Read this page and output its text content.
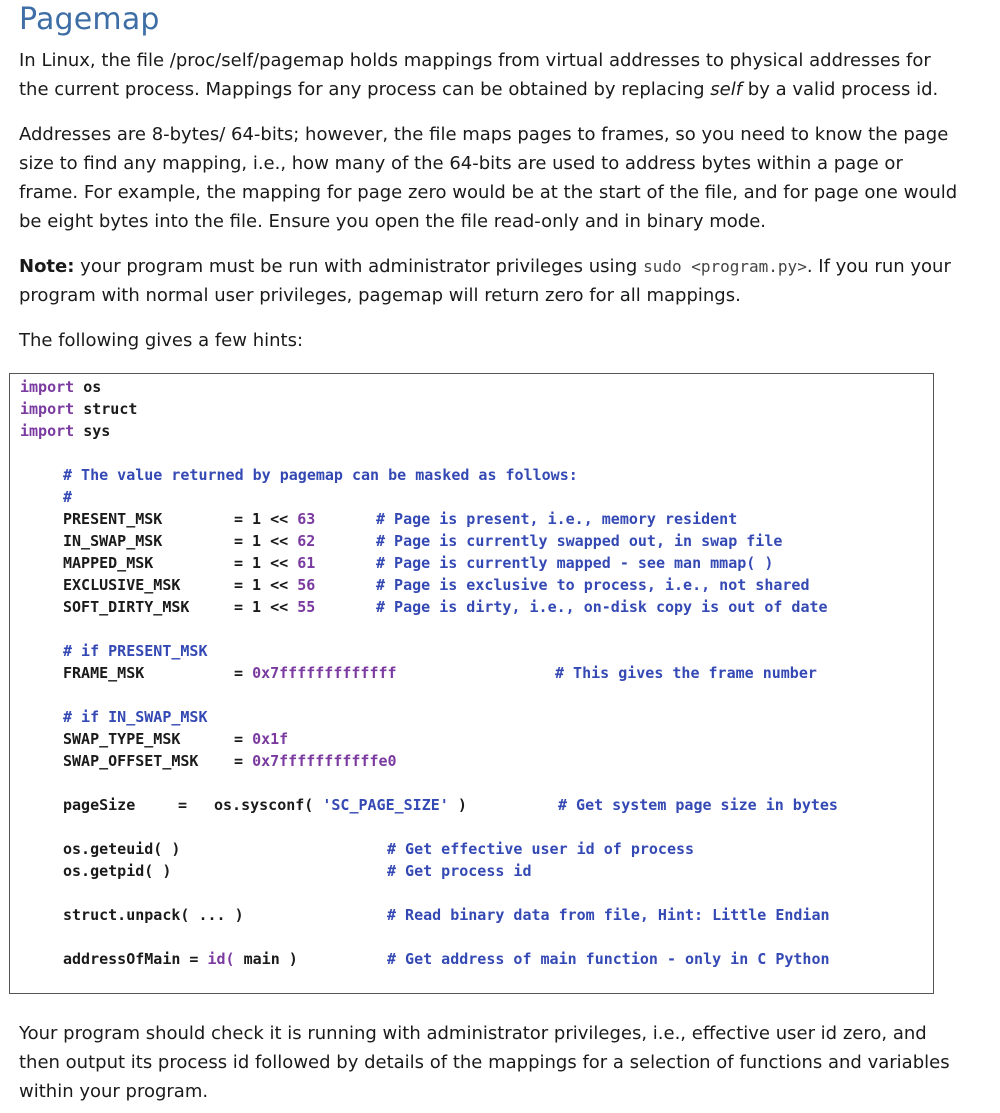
Pagemap

In Linux, the file /proc/self/pagemap holds mappings from virtual addresses to physical addresses for the current process. Mappings for any process can be obtained by replacing self by a valid process id.

Addresses are 8-bytes/ 64-bits; however, the file maps pages to frames, so you need to know the page size to find any mapping, i.e., how many of the 64-bits are used to address bytes within a page or frame. For example, the mapping for page zero would be at the start of the file, and for page one would be eight bytes into the file. Ensure you open the file read-only and in binary mode.

Note: your program must be run with administrator privileges using sudo <program.py>. If you run your program with normal user privileges, pagemap will return zero for all mappings.

The following gives a few hints:

import os
import struct
import sys
# The value returned by pagemap can be masked as follows:
#
PRESENT_MSK	= 1 << 63	# Page is present, i.e., memory resident
IN_SWAP_MSK	= 1 << 62	# Page is currently swapped out, in swap file
MAPPED_MSK	= 1 << 61	# Page is currently mapped - see man mmap( )
EXCLUSIVE_MSK	= 1 << 56	# Page is exclusive to process, i.e., not shared
SOFT_DIRTY_MSK	= 1 << 55	# Page is dirty, i.e., on-disk copy is out of date
# if PRESENT_MSK
FRAME_MSK	= 0x7fffffffffffff	# This gives the frame number
# if IN_SWAP_MSK
SWAP_TYPE_MSK	= 0x1f
SWAP_OFFSET_MSK = 0x7fffffffffffe0
pageSize	= os.sysconf( 'SC_PAGE_SIZE' )	# Get system page size in bytes
os.geteuid( )	# Get effective user id of process
os.getpid( )	# Get process id
struct.unpack( ... )	# Read binary data from file, Hint: Little Endian
addressOfMain = id( main )	# Get address of main function - only in C Python

Your program should check it is running with administrator privileges, i.e., effective user id zero, and then output its process id followed by details of the mappings for a selection of functions and variables within your program.
